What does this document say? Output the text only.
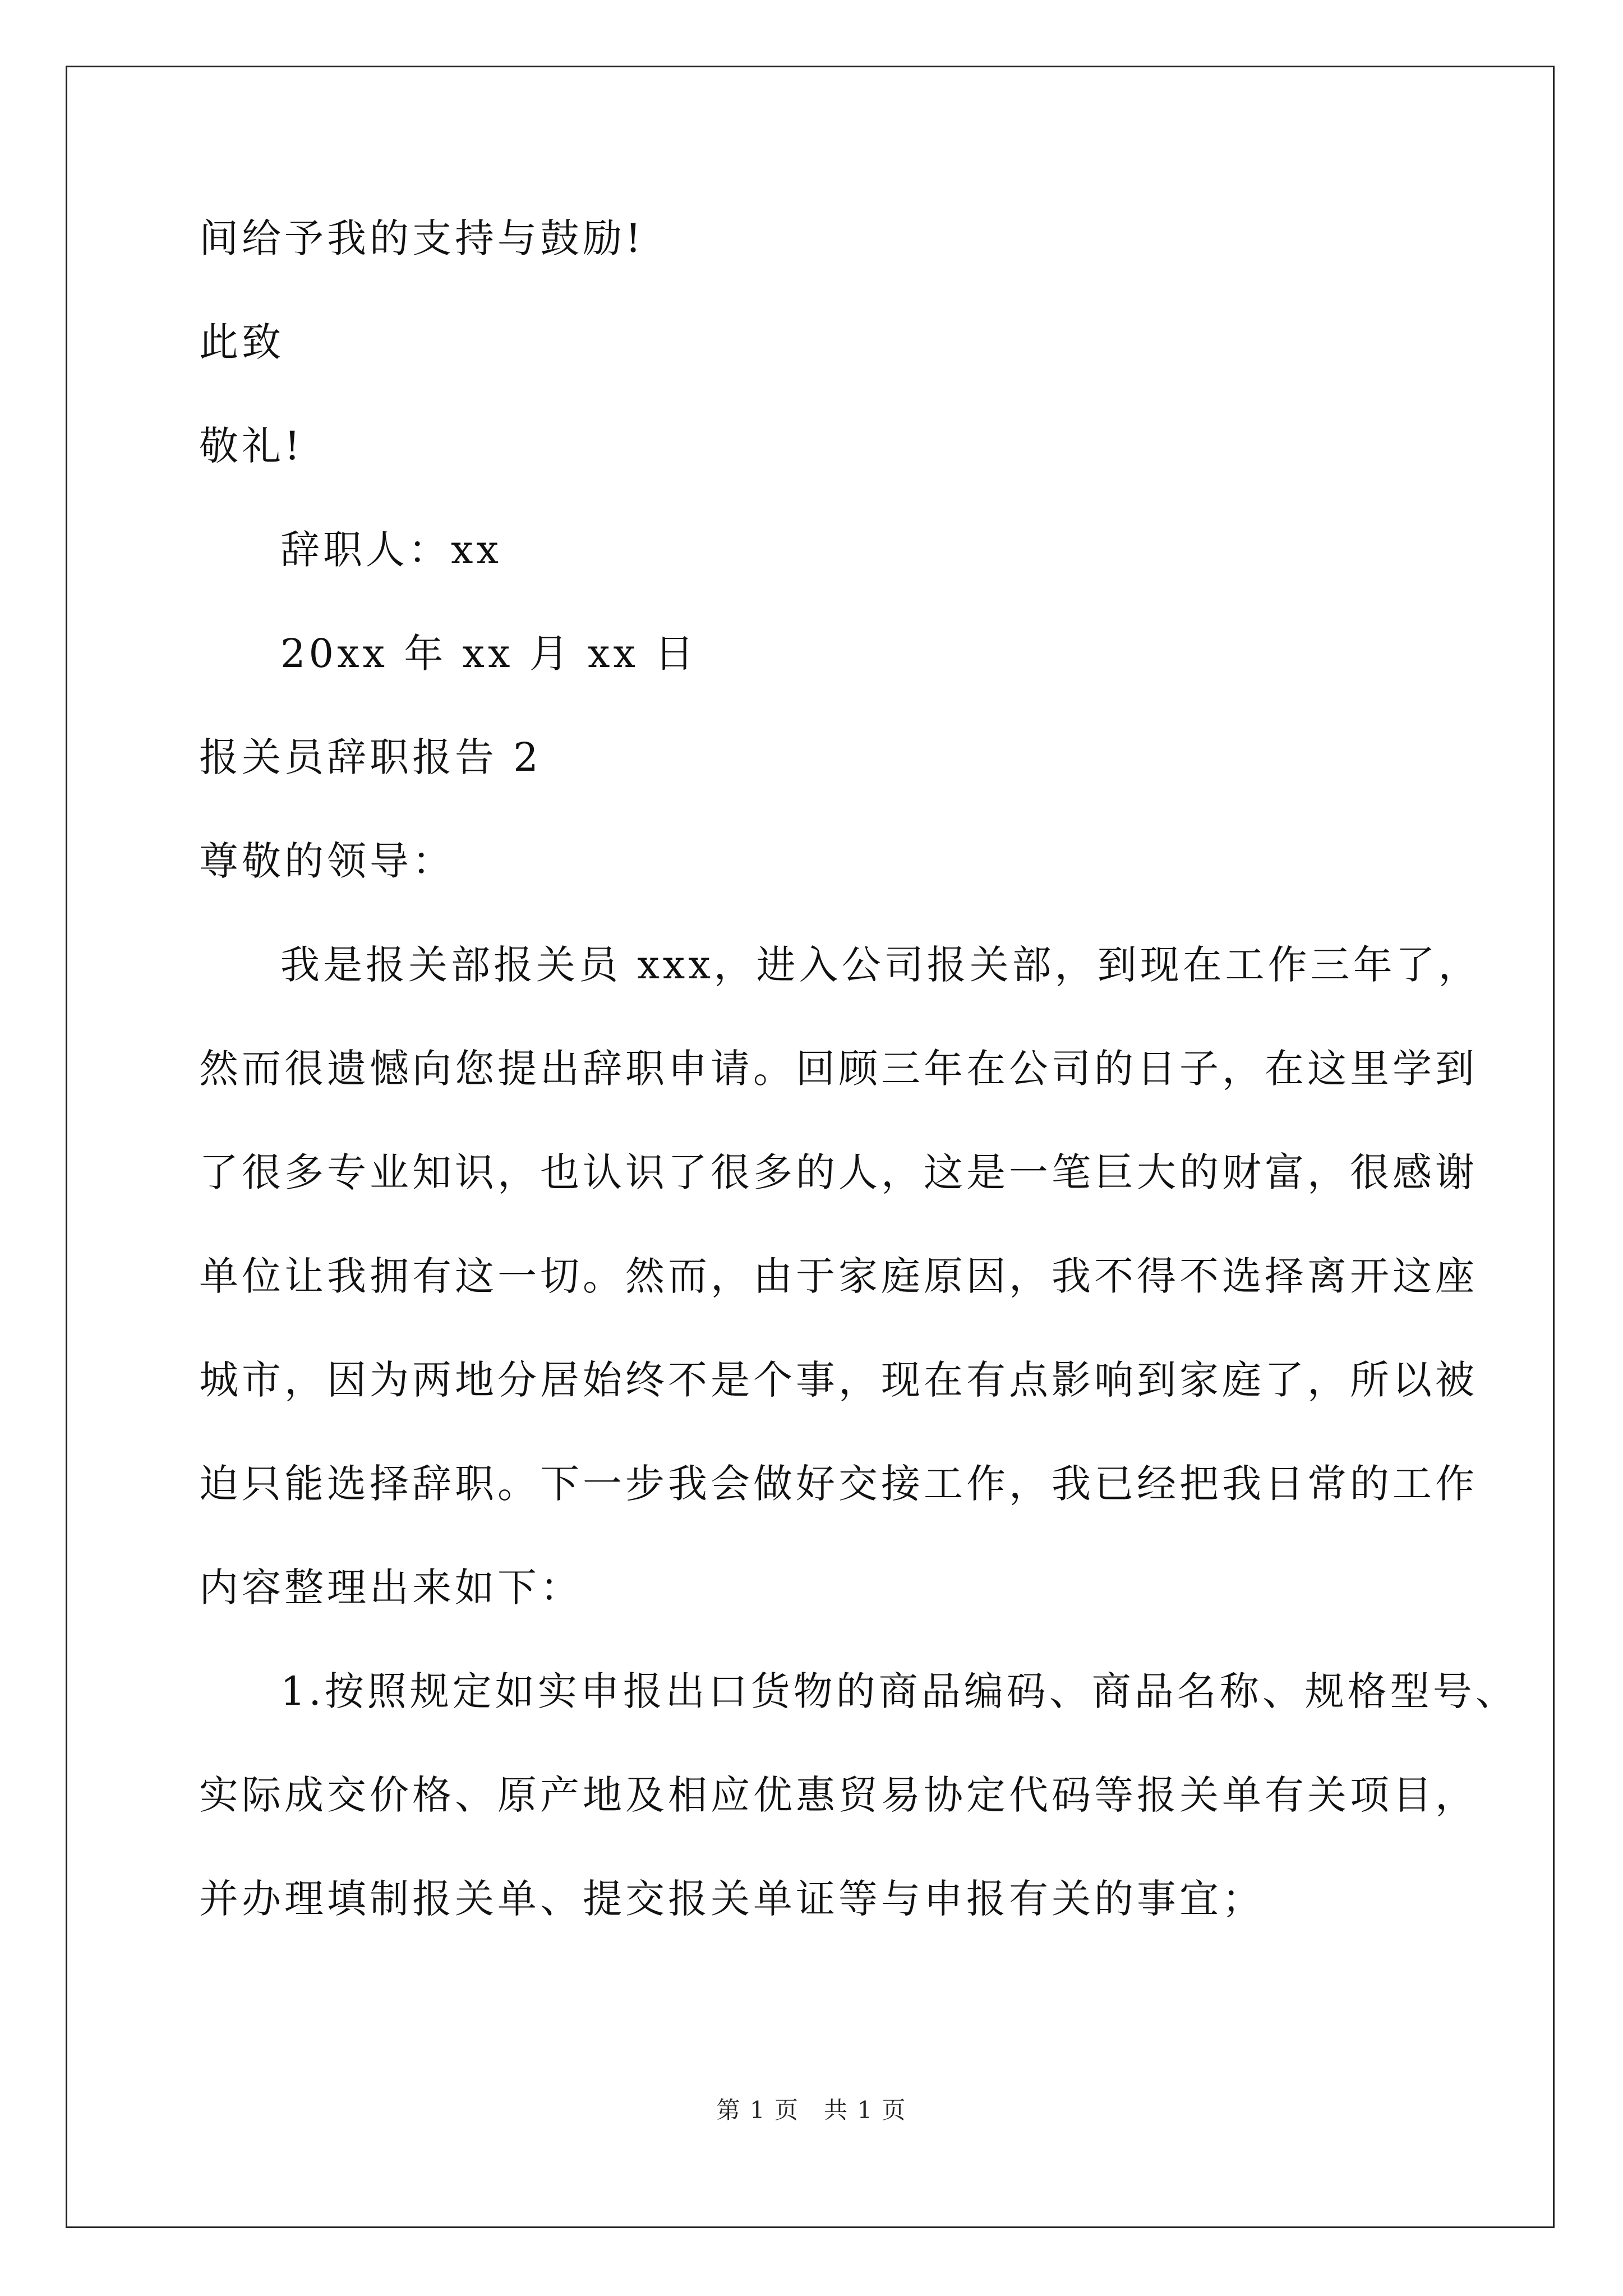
间给予我的支持与鼓励!
此致
敬礼!
辞职人：xx
20xx 年 xx 月 xx 日
报关员辞职报告 2
尊敬的领导：
我是报关部报关员 xxx，进入公司报关部，到现在工作三年了，
然而很遗憾向您提出辞职申请。回顾三年在公司的日子，在这里学到
了很多专业知识，也认识了很多的人，这是一笔巨大的财富，很感谢
单位让我拥有这一切。然而，由于家庭原因，我不得不选择离开这座
城市，因为两地分居始终不是个事，现在有点影响到家庭了，所以被
迫只能选择辞职。下一步我会做好交接工作，我已经把我日常的工作
内容整理出来如下：
1.按照规定如实申报出口货物的商品编码、商品名称、规格型号、
实际成交价格、原产地及相应优惠贸易协定代码等报关单有关项目，
并办理填制报关单、提交报关单证等与申报有关的事宜；
第 1 页　共 1 页
